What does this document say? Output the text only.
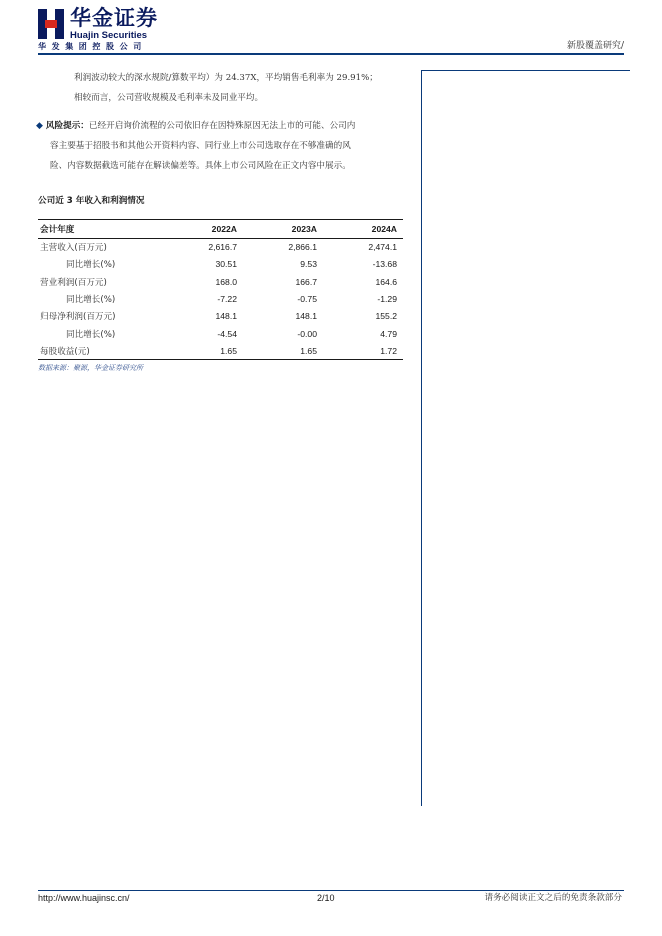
华金证券
Huajin Securities
华发集团控股公司	新股覆盖研究/
利润波动较大的深水规院/算数平均）为 24.37X，平均销售毛利率为 29.91%；
相较而言，公司营收规模及毛利率未及同业平均。
◆ 风险提示：已经开启询价流程的公司依旧存在因特殊原因无法上市的可能、公司内
容主要基于招股书和其他公开资料内容、同行业上市公司选取存在不够准确的风
险、内容数据截选可能存在解读偏差等。具体上市公司风险在正文内容中展示。
公司近 3 年收入和利润情况
会计年度	2022A	2023A	2024A
主营收入(百万元)	2,616.7	2,866.1	2,474.1
同比增长(%)	30.51	9.53	-13.68
营业利润(百万元)	168.0	166.7	164.6
同比增长(%)	-7.22	-0.75	-1.29
归母净利润(百万元)	148.1	148.1	155.2
同比增长(%)	-4.54	-0.00	4.79
每股收益(元)	1.65	1.65	1.72
数据来源：聚源，华金证券研究所
http://www.huajinsc.cn/	2/10	请务必阅读正文之后的免责条款部分
